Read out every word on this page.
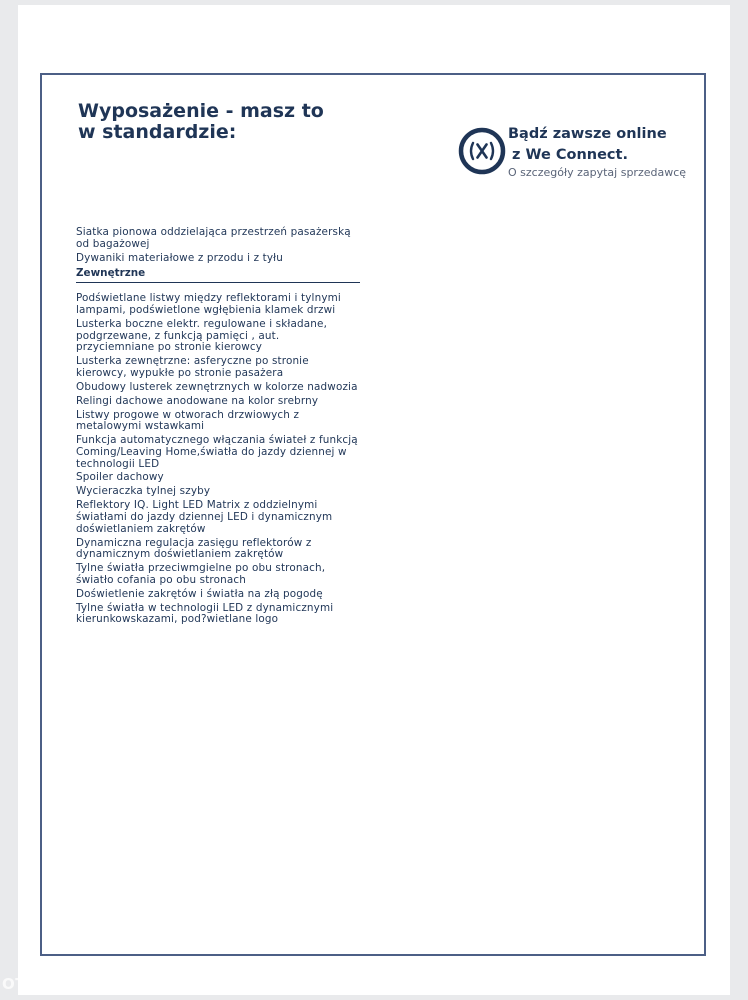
Wyposażenie - masz to w standardzie:	Bądź zawsze online
z We Connect.
O szczegóły zapytaj sprzedawcę

Siatka pionowa oddzielająca przestrzeń pasażerską od bagażowej

Dywaniki materiałowe z przodu i z tyłu

Zewnętrzne

Podświetlane listwy między reflektorami i tylnymi lampami, podświetlone wgłębienia klamek drzwi

Lusterka boczne elektr. regulowane i składane, podgrzewane, z funkcją pamięci , aut. przyciemniane po stronie kierowcy

Lusterka zewnętrzne: asferyczne po stronie kierowcy, wypukłe po stronie pasażera

Obudowy lusterek zewnętrznych w kolorze nadwozia

Relingi dachowe anodowane na kolor srebrny

Listwy progowe w otworach drzwiowych z metalowymi wstawkami

Funkcja automatycznego włączania świateł z funkcją Coming/Leaving Home,światła do jazdy dziennej w technologii LED

Spoiler dachowy

Wycieraczka tylnej szyby

Reflektory IQ. Light LED Matrix z oddzielnymi światłami do jazdy dziennej LED i dynamicznym doświetlaniem zakrętów

Dynamiczna regulacja zasięgu reflektorów z dynamicznym doświetlaniem zakrętów

Tylne światła przeciwmgielne po obu stronach, światło cofania po obu stronach

Doświetlenie zakrętów i światła na złą pogodę

Tylne światła w technologii LED z dynamicznymi kierunkowskazami, pod?wietlane logo

OTOMOTO
